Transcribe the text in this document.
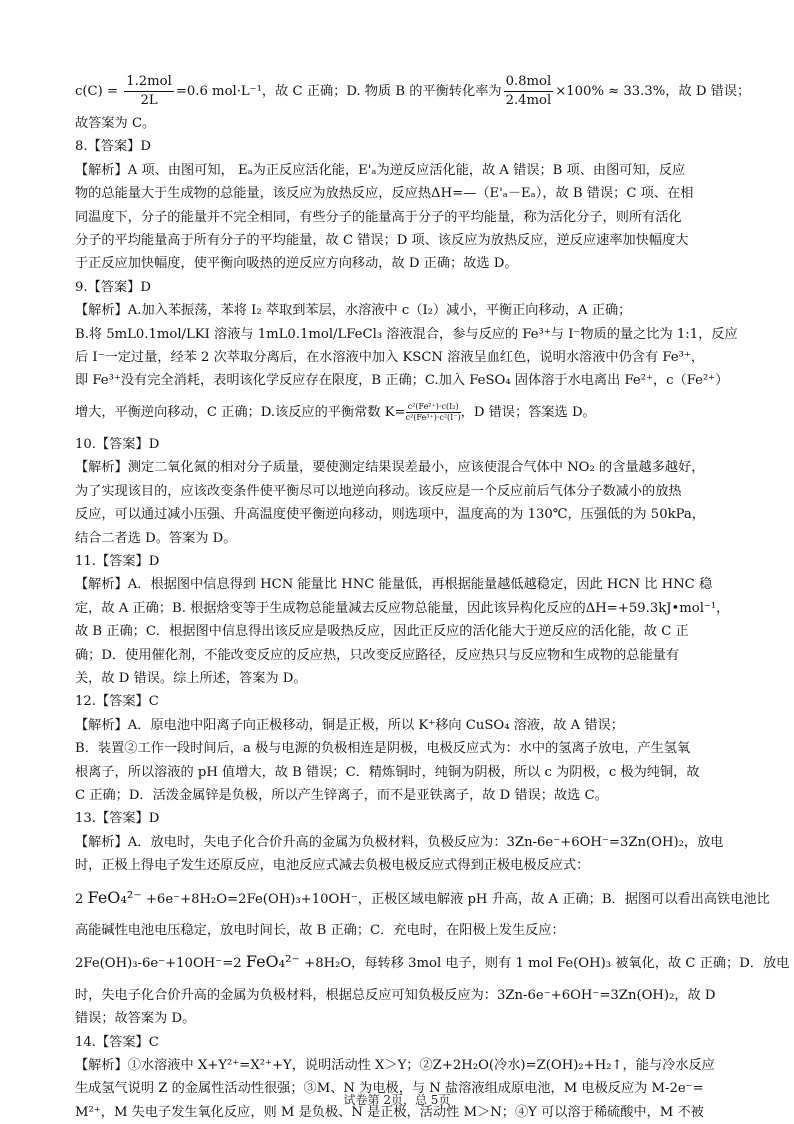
$c(C) = \frac{\text{1.2mol}}{2L} =0.6$ mol·L⁻¹，故 C 正确；D. 物质 B 的平衡转化率为 $\frac{\text{0.8mol}}{\text{2.4mol}} \times 100\% \approx 33.3\%$，故 D 错误；
故答案为 C。
8.【答案】D
【解析】A 项、由图可知， Eₐ为正反应活化能，E'ₐ为逆反应活化能，故 A 错误；B 项、由图可知，反应
物的总能量大于生成物的总能量，该反应为放热反应，反应热ΔH=—（E'ₐ－Eₐ），故 B 错误；C 项、在相
同温度下，分子的能量并不完全相同，有些分子的能量高于分子的平均能量，称为活化分子，则所有活化
分子的平均能量高于所有分子的平均能量，故 C 错误；D 项、该反应为放热反应，逆反应速率加快幅度大
于正反应加快幅度，使平衡向吸热的逆反应方向移动，故 D 正确；故选 D。
9.【答案】D
【解析】A.加入苯振荡，苯将 I₂ 萃取到苯层，水溶液中 c（I₂）减小，平衡正向移动，A 正确；
B.将 5mL0.1mol/LKI 溶液与 1mL0.1mol/LFeCl₃ 溶液混合，参与反应的 Fe³⁺与 I⁻物质的量之比为 1:1，反应
后 I⁻一定过量，经苯 2 次萃取分离后，在水溶液中加入 KSCN 溶液呈血红色，说明水溶液中仍含有 Fe³⁺，
即 Fe³⁺没有完全消耗，表明该化学反应存在限度，B 正确；C.加入 FeSO₄ 固体溶于水电离出 Fe²⁺，c（Fe²⁺）
增大，平衡逆向移动，C 正确；D.该反应的平衡常数 $K= \frac{\text{c²(Fe²⁺)·c(I₂)}}{\text{c²(Fe³⁺)·c²(I⁻)}}$ ，D 错误；答案选 D。
10.【答案】D
【解析】测定二氧化氮的相对分子质量，要使测定结果误差最小，应该使混合气体中 NO₂ 的含量越多越好，
为了实现该目的，应该改变条件使平衡尽可以地逆向移动。该反应是一个反应前后气体分子数减小的放热
反应，可以通过减小压强、升高温度使平衡逆向移动，则选项中，温度高的为 130℃，压强低的为 50kPa，
结合二者选 D。答案为 D。
11.【答案】D
【解析】A．根据图中信息得到 HCN 能量比 HNC 能量低，再根据能量越低越稳定，因此 HCN 比 HNC 稳
定，故 A 正确；B. 根据焓变等于生成物总能量减去反应物总能量，因此该异构化反应的ΔH=+59.3kJ•mol⁻¹，
故 B 正确；C．根据图中信息得出该反应是吸热反应，因此正反应的活化能大于逆反应的活化能，故 C 正
确；D．使用催化剂，不能改变反应的反应热，只改变反应路径，反应热只与反应物和生成物的总能量有
关，故 D 错误。综上所述，答案为 D。
12.【答案】C
【解析】A．原电池中阳离子向正极移动，铜是正极，所以 K⁺移向 CuSO₄ 溶液，故 A 错误；
B．装置②工作一段时间后，a 极与电源的负极相连是阴极，电极反应式为：水中的氢离子放电，产生氢氧
根离子，所以溶液的 pH 值增大，故 B 错误；C．精炼铜时，纯铜为阴极，所以 c 为阴极，c 极为纯铜，故
C 正确；D．活泼金属锌是负极，所以产生锌离子，而不是亚铁离子，故 D 错误；故选 C。
13.【答案】D
【解析】A．放电时，失电子化合价升高的金属为负极材料，负极反应为：3Zn-6e⁻+6OH⁻=3Zn(OH)₂，放电
时，正极上得电子发生还原反应，电池反应式减去负极电极反应式得到正极电极反应式：
2 FeO₄²⁻ +6e⁻+8H₂O=2Fe(OH)₃+10OH⁻，正极区域电解液 pH 升高，故 A 正确；B．据图可以看出高铁电池比
高能碱性电池电压稳定，放电时间长，故 B 正确；C．充电时，在阳极上发生反应：
2Fe(OH)₃-6e⁻+10OH⁻=2 FeO₄²⁻ +8H₂O，每转移 3mol 电子，则有 1 mol Fe(OH)₃ 被氧化，故 C 正确；D．放电
时，失电子化合价升高的金属为负极材料，根据总反应可知负极反应为：3Zn-6e⁻+6OH⁻=3Zn(OH)₂，故 D
错误；故答案为 D。
14.【答案】C
【解析】①水溶液中 X+Y²⁺=X²⁺+Y，说明活动性 X＞Y；②Z+2H₂O(冷水)=Z(OH)₂+H₂↑，能与冷水反应
生成氢气说明 Z 的金属性活动性很强；③M、N 为电极，与 N 盐溶液组成原电池，M 电极反应为 M-2e⁻=
M²⁺，M 失电子发生氧化反应，则 M 是负极、N 是正极，活动性 M＞N；④Y 可以溶于稀硫酸中，M 不被
试卷第 2页，总 5页
